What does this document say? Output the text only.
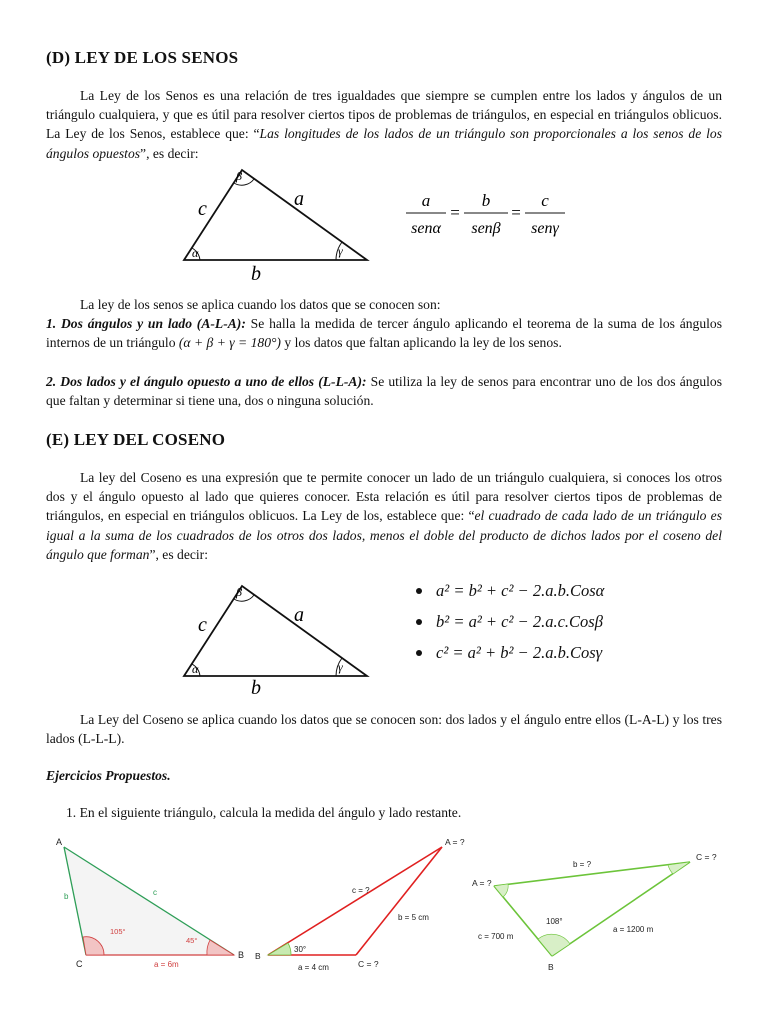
(D) LEY DE LOS SENOS

La Ley de los Senos es una relación de tres igualdades que siempre se cumplen entre los lados y ángulos de un triángulo cualquiera, y que es útil para resolver ciertos tipos de problemas de triángulos, en especial en triángulos oblicuos. La Ley de los Senos, establece que: “Las longitudes de los lados de un triángulo son proporcionales a los senos de los ángulos opuestos”, es decir:

α
β
γ
c	a
b
a
senα
=
b
senβ
=
c
senγ

La ley de los senos se aplica cuando los datos que se conocen son:

1. Dos ángulos y un lado (A-L-A): Se halla la medida de tercer ángulo aplicando el teorema de la suma de los ángulos internos de un triángulo (α + β + γ = 180°) y los datos que faltan aplicando la ley de los senos.

2. Dos lados y el ángulo opuesto a uno de ellos (L-L-A): Se utiliza la ley de senos para encontrar uno de los dos ángulos que faltan y determinar si tiene una, dos o ninguna solución.

(E) LEY DEL COSENO

La ley del Coseno es una expresión que te permite conocer un lado de un triángulo cualquiera, si conoces los otros dos y el ángulo opuesto al lado que quieres conocer. Esta relación es útil para resolver ciertos tipos de problemas de triángulos, en especial en triángulos oblicuos. La Ley de los, establece que: “el cuadrado de cada lado de un triángulo es igual a la suma de los cuadrados de los otros dos lados, menos el doble del producto de dichos lados por el coseno del ángulo que forman”, es decir:

α
β
γ
c	a
b
a² = b² + c² − 2.a.b.Cosα
b² = a² + c² − 2.a.c.Cosβ
c² = a² + b² − 2.a.b.Cosγ

La Ley del Coseno se aplica cuando los datos que se conocen son: dos lados y el ángulo entre ellos (L-A-L) y los tres lados (L-L-L).

Ejercicios Propuestos.

1. En el siguiente triángulo, calcula la medida del ángulo y lado restante.

A
C
B
b	c
a = 6m
105°
45°
A = ?
B
C = ?
c = ?
b = 5 cm
a = 4 cm
30°
A = ?
C = ?
B
b = ?
c = 700 m
a = 1200 m
108°
